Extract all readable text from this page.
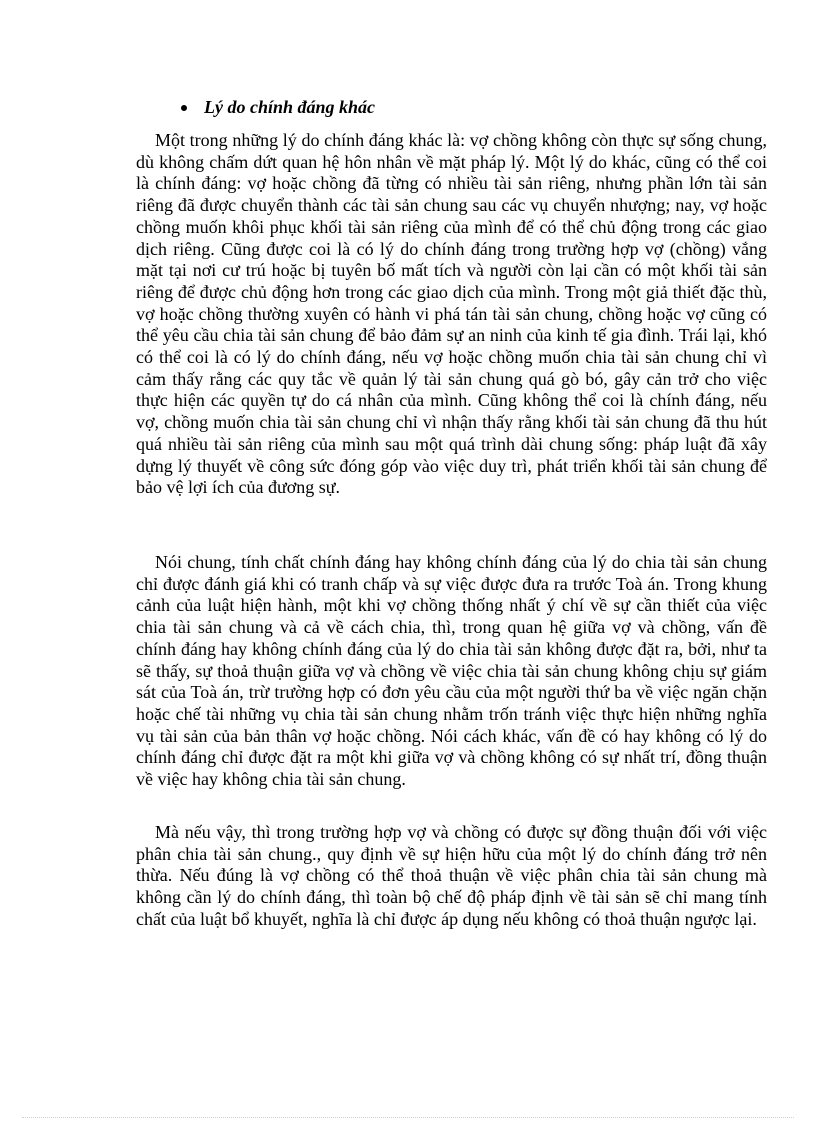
Lý do chính đáng khác

Một trong những lý do chính đáng khác là: vợ chồng không còn thực sự sống chung, dù không chấm dứt quan hệ hôn nhân về mặt pháp lý. Một lý do khác, cũng có thể coi là chính đáng: vợ hoặc chồng đã từng có nhiều tài sản riêng, nhưng phần lớn tài sản riêng đã được chuyển thành các tài sản chung sau các vụ chuyển nhượng; nay, vợ hoặc chồng muốn khôi phục khối tài sản riêng của mình để có thể chủ động trong các giao dịch riêng. Cũng được coi là có lý do chính đáng trong trường hợp vợ (chồng) vắng mặt tại nơi cư trú hoặc bị tuyên bố mất tích và người còn lại cần có một khối tài sản riêng để được chủ động hơn trong các giao dịch của mình. Trong một giả thiết đặc thù, vợ hoặc chồng thường xuyên có hành vi phá tán tài sản chung, chồng hoặc vợ cũng có thể yêu cầu chia tài sản chung để bảo đảm sự an ninh của kinh tế gia đình. Trái lại, khó có thể coi là có lý do chính đáng, nếu vợ hoặc chồng muốn chia tài sản chung chỉ vì cảm thấy rằng các quy tắc về quản lý tài sản chung quá gò bó, gây cản trở cho việc thực hiện các quyền tự do cá nhân của mình. Cũng không thể coi là chính đáng, nếu vợ, chồng muốn chia tài sản chung chỉ vì nhận thấy rằng khối tài sản chung đã thu hút quá nhiều tài sản riêng của mình sau một quá trình dài chung sống: pháp luật đã xây dựng lý thuyết về công sức đóng góp vào việc duy trì, phát triển khối tài sản chung để bảo vệ lợi ích của đương sự.

Nói chung, tính chất chính đáng hay không chính đáng của lý do chia tài sản chung chỉ được đánh giá khi có tranh chấp và sự việc được đưa ra trước Toà án. Trong khung cảnh của luật hiện hành, một khi vợ chồng thống nhất ý chí về sự cần thiết của việc chia tài sản chung và cả về cách chia, thì, trong quan hệ giữa vợ và chồng, vấn đề chính đáng hay không chính đáng của lý do chia tài sản không được đặt ra, bởi, như ta sẽ thấy, sự thoả thuận giữa vợ và chồng về việc chia tài sản chung không chịu sự giám sát của Toà án, trừ trường hợp có đơn yêu cầu của một người thứ ba về việc ngăn chặn hoặc chế tài những vụ chia tài sản chung nhằm trốn tránh việc thực hiện những nghĩa vụ tài sản của bản thân vợ hoặc chồng. Nói cách khác, vấn đề có hay không có lý do chính đáng chỉ được đặt ra một khi giữa vợ và chồng không có sự nhất trí, đồng thuận về việc hay không chia tài sản chung.

Mà nếu vậy, thì trong trường hợp vợ và chồng có được sự đồng thuận đối với việc phân chia tài sản chung., quy định về sự hiện hữu của một lý do chính đáng trở nên thừa. Nếu đúng là vợ chồng có thể thoả thuận về việc phân chia tài sản chung mà không cần lý do chính đáng, thì toàn bộ chế độ pháp định về tài sản sẽ chỉ mang tính chất của luật bổ khuyết, nghĩa là chỉ được áp dụng nếu không có thoả thuận ngược lại.
